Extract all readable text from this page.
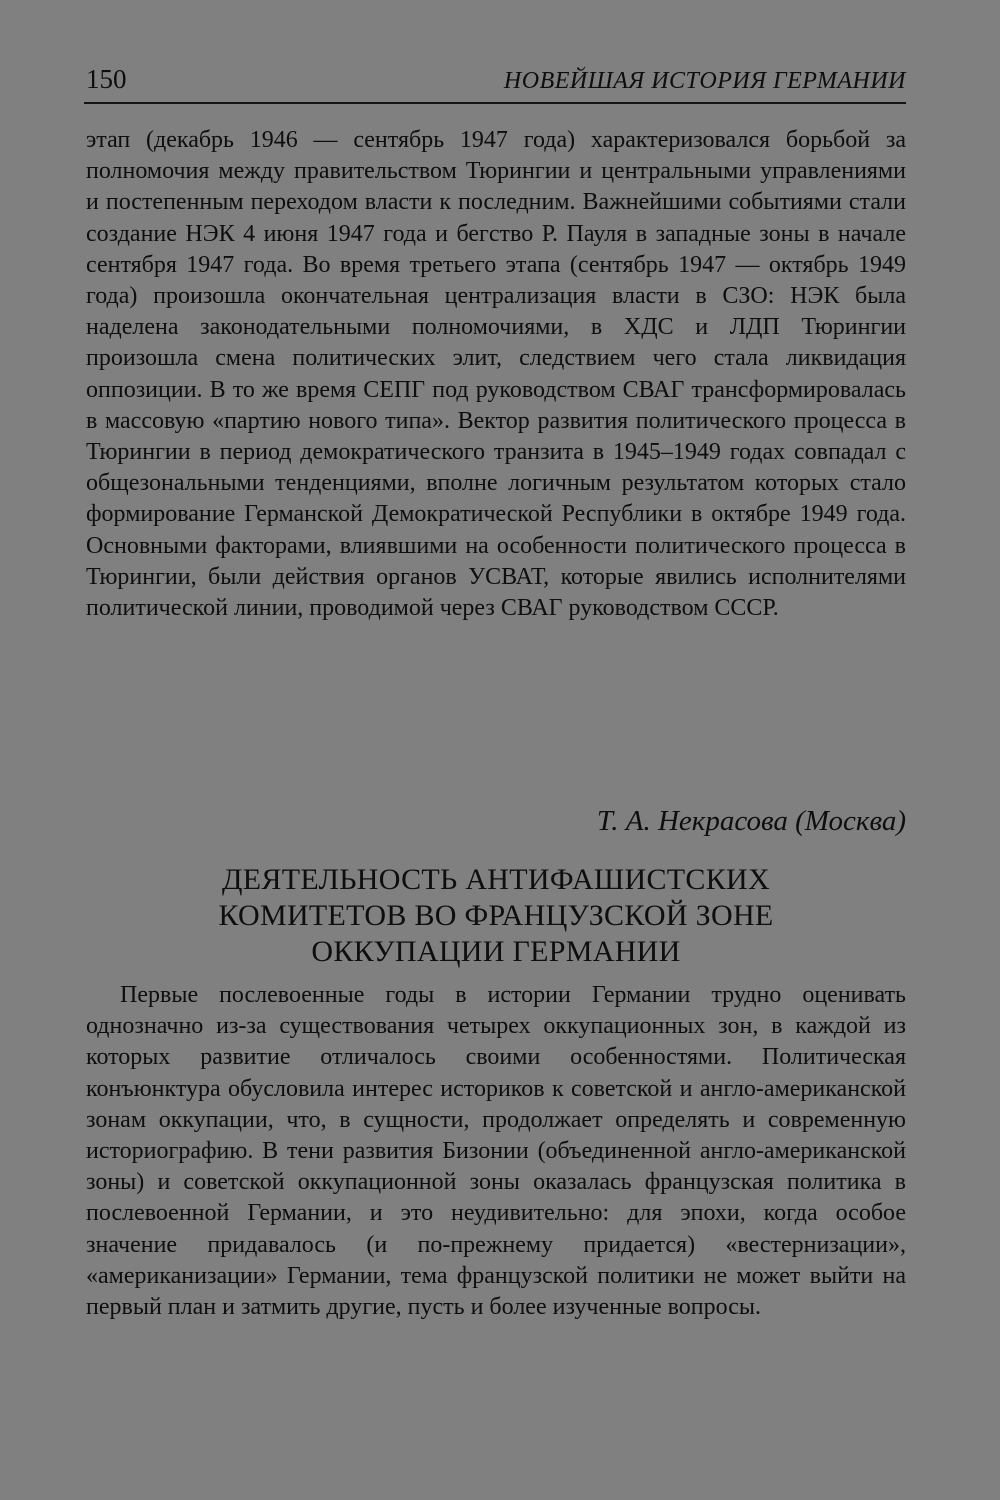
150	НОВЕЙШАЯ ИСТОРИЯ ГЕРМАНИИ

этап (декабрь 1946 — сентябрь 1947 года) характеризовался борьбой за полномочия между правительством Тюрингии и центральными управлениями и постепенным переходом власти к последним. Важнейшими событиями стали создание НЭК 4 июня 1947 года и бегство Р. Пауля в западные зоны в начале сентября 1947 года. Во время третьего этапа (сентябрь 1947 — октябрь 1949 года) произошла окончательная централизация власти в СЗО: НЭК была наделена законодательными полномочиями, в ХДС и ЛДП Тюрингии произошла смена политических элит, следствием чего стала ликвидация оппозиции. В то же время СЕПГ под руководством СВАГ трансформировалась в массовую «партию нового типа». Вектор развития политического процесса в Тюрингии в период демократического транзита в 1945–1949 годах совпадал с общезональными тенденциями, вполне логичным результатом которых стало формирование Германской Демократической Республики в октябре 1949 года. Основными факторами, влиявшими на особенности политического процесса в Тюрингии, были действия органов УСВАТ, которые явились исполнителями политической линии, проводимой через СВАГ руководством СССР.

Т. А. Некрасова (Москва)
ДЕЯТЕЛЬНОСТЬ АНТИФАШИСТСКИХ
КОМИТЕТОВ ВО ФРАНЦУЗСКОЙ ЗОНЕ
ОККУПАЦИИ ГЕРМАНИИ

Первые послевоенные годы в истории Германии трудно оценивать однозначно из-за существования четырех оккупационных зон, в каждой из которых развитие отличалось своими особенностями. Политическая конъюнктура обусловила интерес историков к советской и англо-американской зонам оккупации, что, в сущности, продолжает определять и современную историографию. В тени развития Бизонии (объединенной англо-американской зоны) и советской оккупационной зоны оказалась французская политика в послевоенной Германии, и это неудивительно: для эпохи, когда особое значение придавалось (и по-прежнему придается) «вестернизации», «американизации» Германии, тема французской политики не может выйти на первый план и затмить другие, пусть и более изученные вопросы.
